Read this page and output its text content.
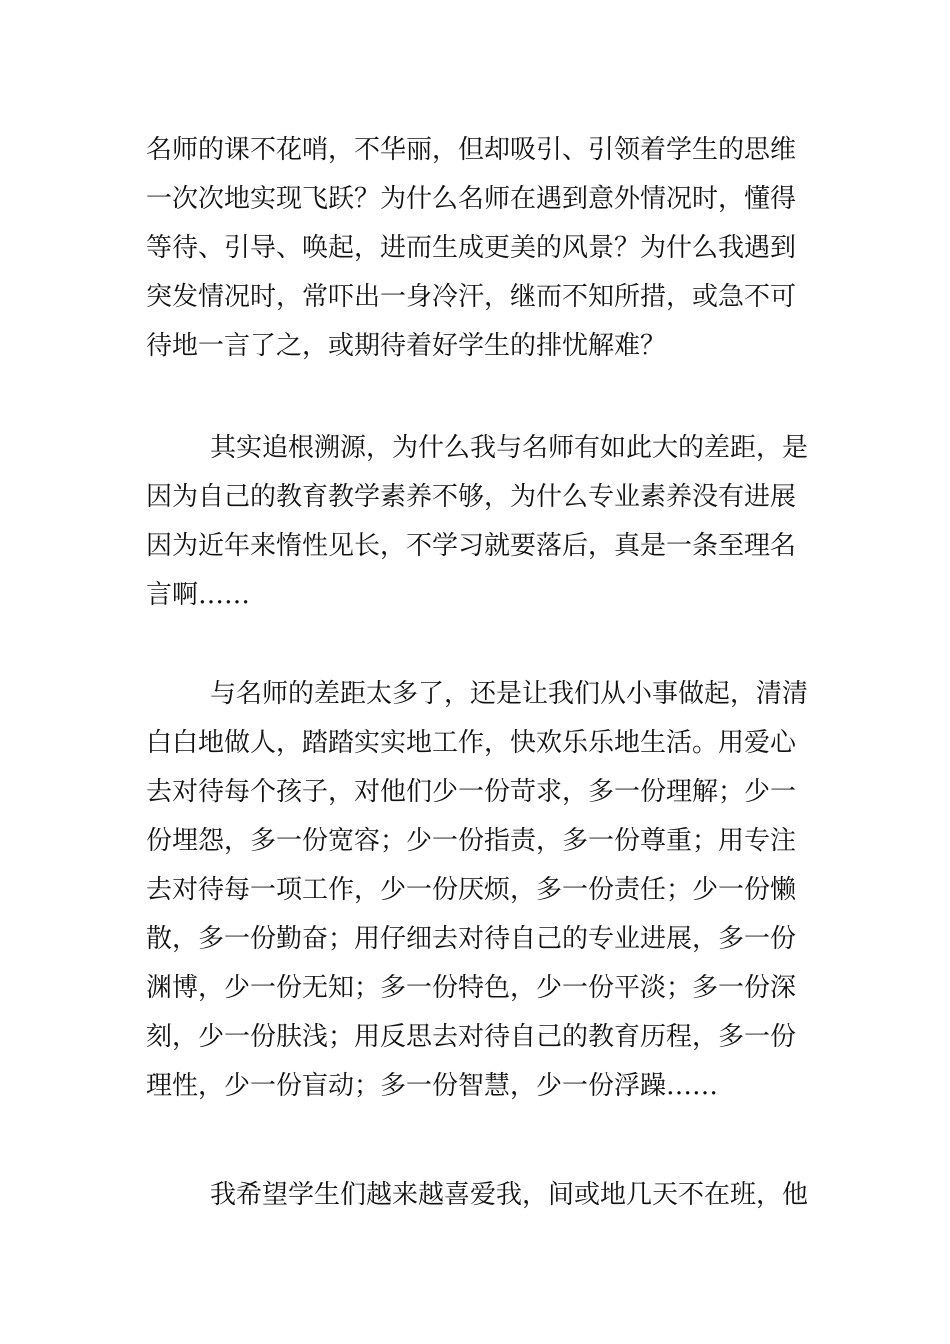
名师的课不花哨，不华丽，但却吸引、引领着学生的思维
一次次地实现飞跃？为什么名师在遇到意外情况时，懂得
等待、引导、唤起，进而生成更美的风景？为什么我遇到
突发情况时，常吓出一身冷汗，继而不知所措，或急不可
待地一言了之，或期待着好学生的排忧解难？
其实追根溯源，为什么我与名师有如此大的差距，是
因为自己的教育教学素养不够，为什么专业素养没有进展
因为近年来惰性见长，不学习就要落后，真是一条至理名
言啊……
与名师的差距太多了，还是让我们从小事做起，清清
白白地做人，踏踏实实地工作，快欢乐乐地生活。用爱心
去对待每个孩子，对他们少一份苛求，多一份理解；少一
份埋怨，多一份宽容；少一份指责，多一份尊重；用专注
去对待每一项工作，少一份厌烦，多一份责任；少一份懒
散，多一份勤奋；用仔细去对待自己的专业进展，多一份
渊博，少一份无知；多一份特色，少一份平淡；多一份深
刻，少一份肤浅；用反思去对待自己的教育历程，多一份
理性，少一份盲动；多一份智慧，少一份浮躁……
我希望学生们越来越喜爱我，间或地几天不在班，他
